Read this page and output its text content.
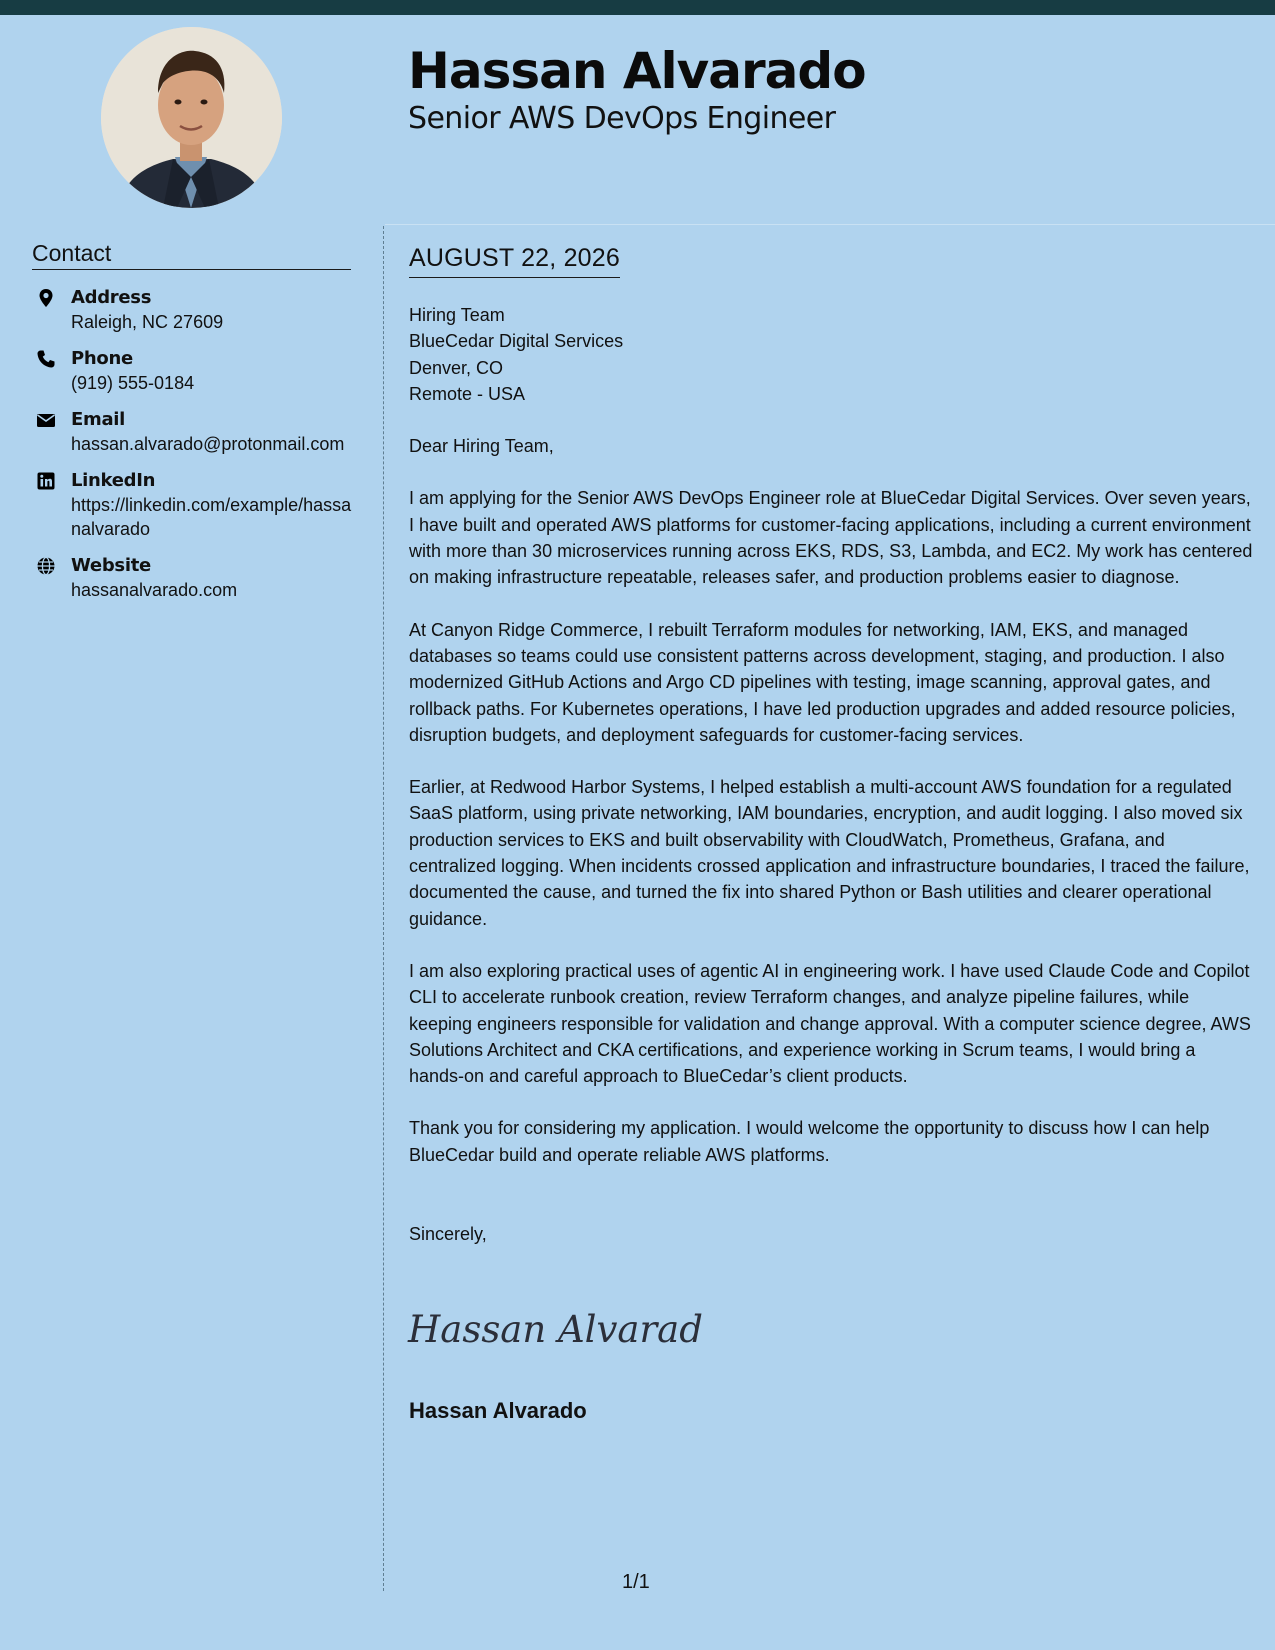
Hassan Alvarado
Senior AWS DevOps Engineer
Contact
Address
Raleigh, NC 27609
Phone
(919) 555-0184
Email
hassan.alvarado@protonmail.com
LinkedIn
https://linkedin.com/example/hassanalvarado
Website
hassanalvarado.com
AUGUST 22, 2026
Hiring Team
BlueCedar Digital Services
Denver, CO
Remote - USA
Dear Hiring Team,
I am applying for the Senior AWS DevOps Engineer role at BlueCedar Digital Services. Over seven years, I have built and operated AWS platforms for customer-facing applications, including a current environment with more than 30 microservices running across EKS, RDS, S3, Lambda, and EC2. My work has centered on making infrastructure repeatable, releases safer, and production problems easier to diagnose.
At Canyon Ridge Commerce, I rebuilt Terraform modules for networking, IAM, EKS, and managed databases so teams could use consistent patterns across development, staging, and production. I also modernized GitHub Actions and Argo CD pipelines with testing, image scanning, approval gates, and rollback paths. For Kubernetes operations, I have led production upgrades and added resource policies, disruption budgets, and deployment safeguards for customer-facing services.
Earlier, at Redwood Harbor Systems, I helped establish a multi-account AWS foundation for a regulated SaaS platform, using private networking, IAM boundaries, encryption, and audit logging. I also moved six production services to EKS and built observability with CloudWatch, Prometheus, Grafana, and centralized logging. When incidents crossed application and infrastructure boundaries, I traced the failure, documented the cause, and turned the fix into shared Python or Bash utilities and clearer operational guidance.
I am also exploring practical uses of agentic AI in engineering work. I have used Claude Code and Copilot CLI to accelerate runbook creation, review Terraform changes, and analyze pipeline failures, while keeping engineers responsible for validation and change approval. With a computer science degree, AWS Solutions Architect and CKA certifications, and experience working in Scrum teams, I would bring a hands-on and careful approach to BlueCedar’s client products.
Thank you for considering my application. I would welcome the opportunity to discuss how I can help BlueCedar build and operate reliable AWS platforms.
Sincerely,
Hassan Alvarad
Hassan Alvarado
1/1
